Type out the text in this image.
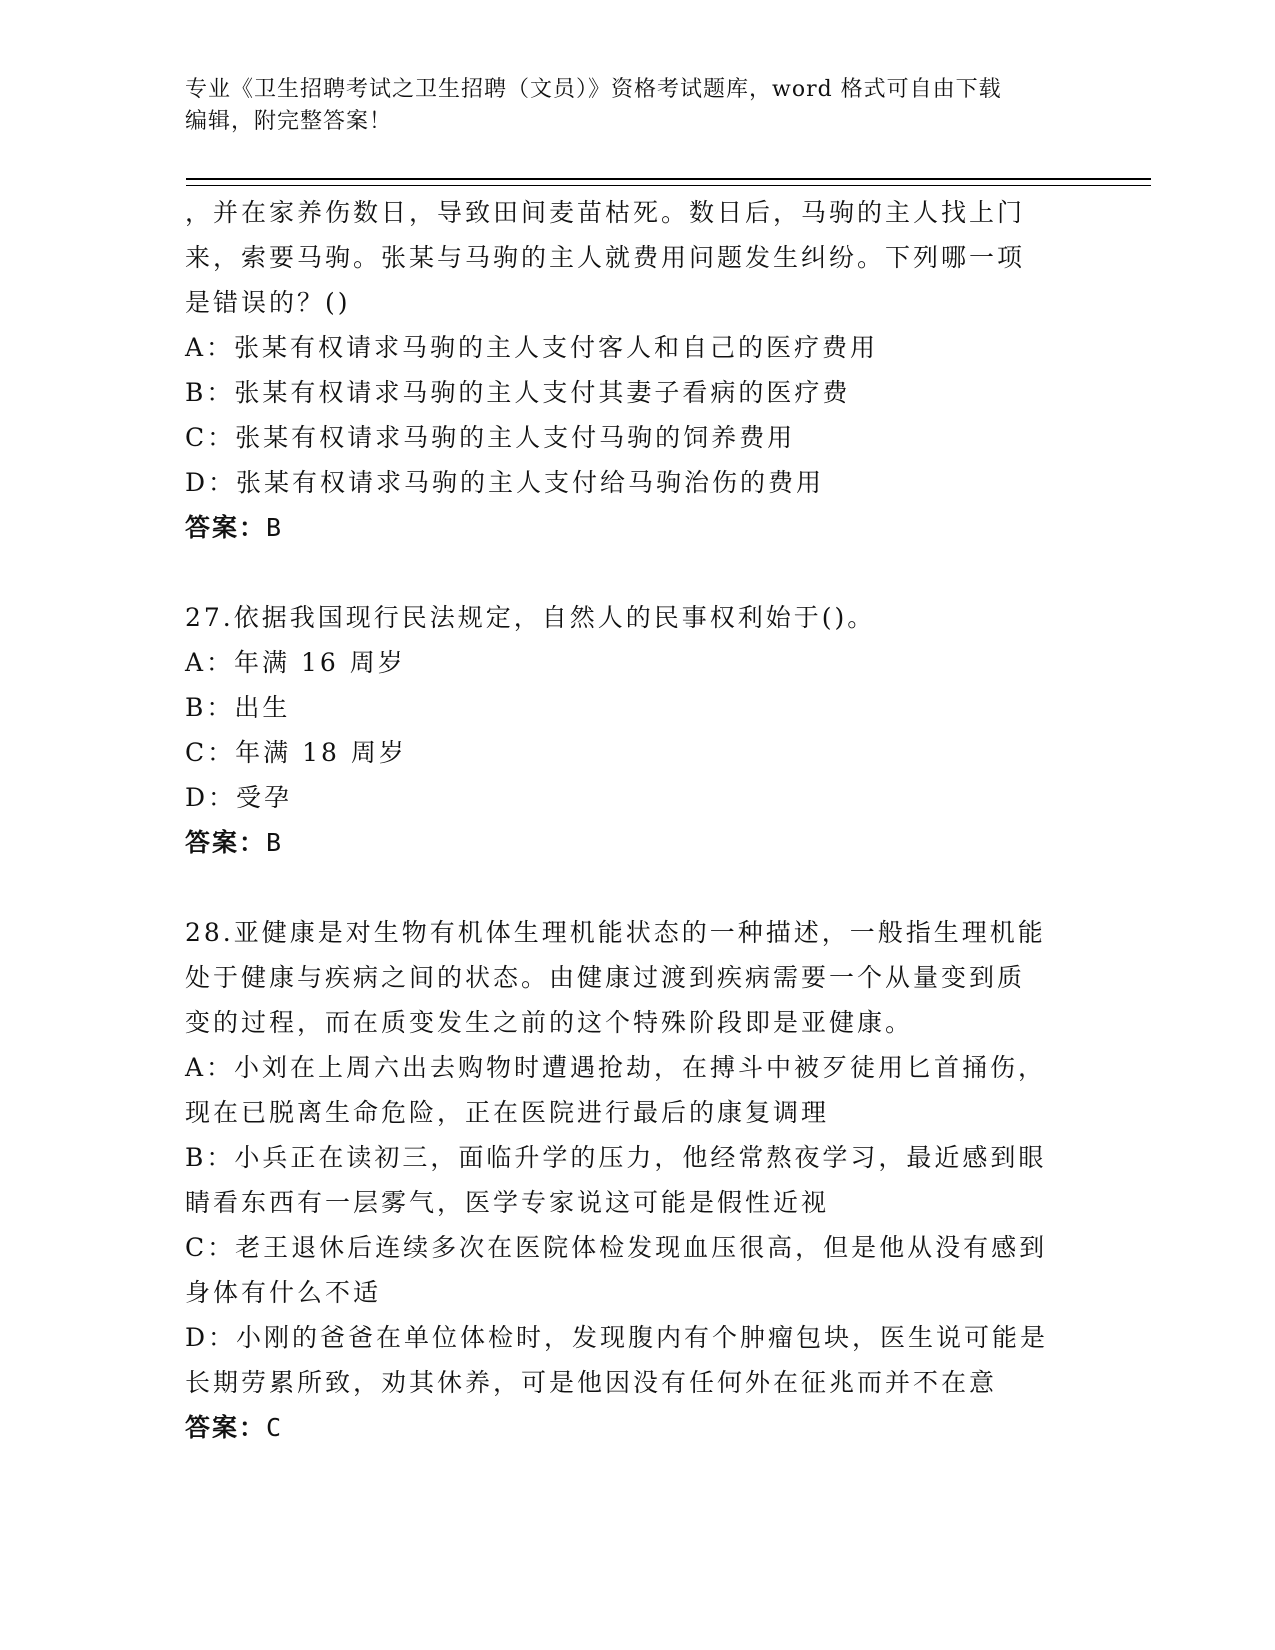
专业《卫生招聘考试之卫生招聘（文员）》资格考试题库，word 格式可自由下载
编辑，附完整答案！
，并在家养伤数日，导致田间麦苗枯死。数日后，马驹的主人找上门
来，索要马驹。张某与马驹的主人就费用问题发生纠纷。下列哪一项
是错误的？()
A：张某有权请求马驹的主人支付客人和自己的医疗费用
B：张某有权请求马驹的主人支付其妻子看病的医疗费
C：张某有权请求马驹的主人支付马驹的饲养费用
D：张某有权请求马驹的主人支付给马驹治伤的费用
答案：B
27.依据我国现行民法规定，自然人的民事权利始于()。
A：年满 16 周岁
B：出生
C：年满 18 周岁
D：受孕
答案：B
28.亚健康是对生物有机体生理机能状态的一种描述，一般指生理机能
处于健康与疾病之间的状态。由健康过渡到疾病需要一个从量变到质
变的过程，而在质变发生之前的这个特殊阶段即是亚健康。
A：小刘在上周六出去购物时遭遇抢劫，在搏斗中被歹徒用匕首捅伤，
现在已脱离生命危险，正在医院进行最后的康复调理
B：小兵正在读初三，面临升学的压力，他经常熬夜学习，最近感到眼
睛看东西有一层雾气，医学专家说这可能是假性近视
C：老王退休后连续多次在医院体检发现血压很高，但是他从没有感到
身体有什么不适
D：小刚的爸爸在单位体检时，发现腹内有个肿瘤包块，医生说可能是
长期劳累所致，劝其休养，可是他因没有任何外在征兆而并不在意
答案：C
